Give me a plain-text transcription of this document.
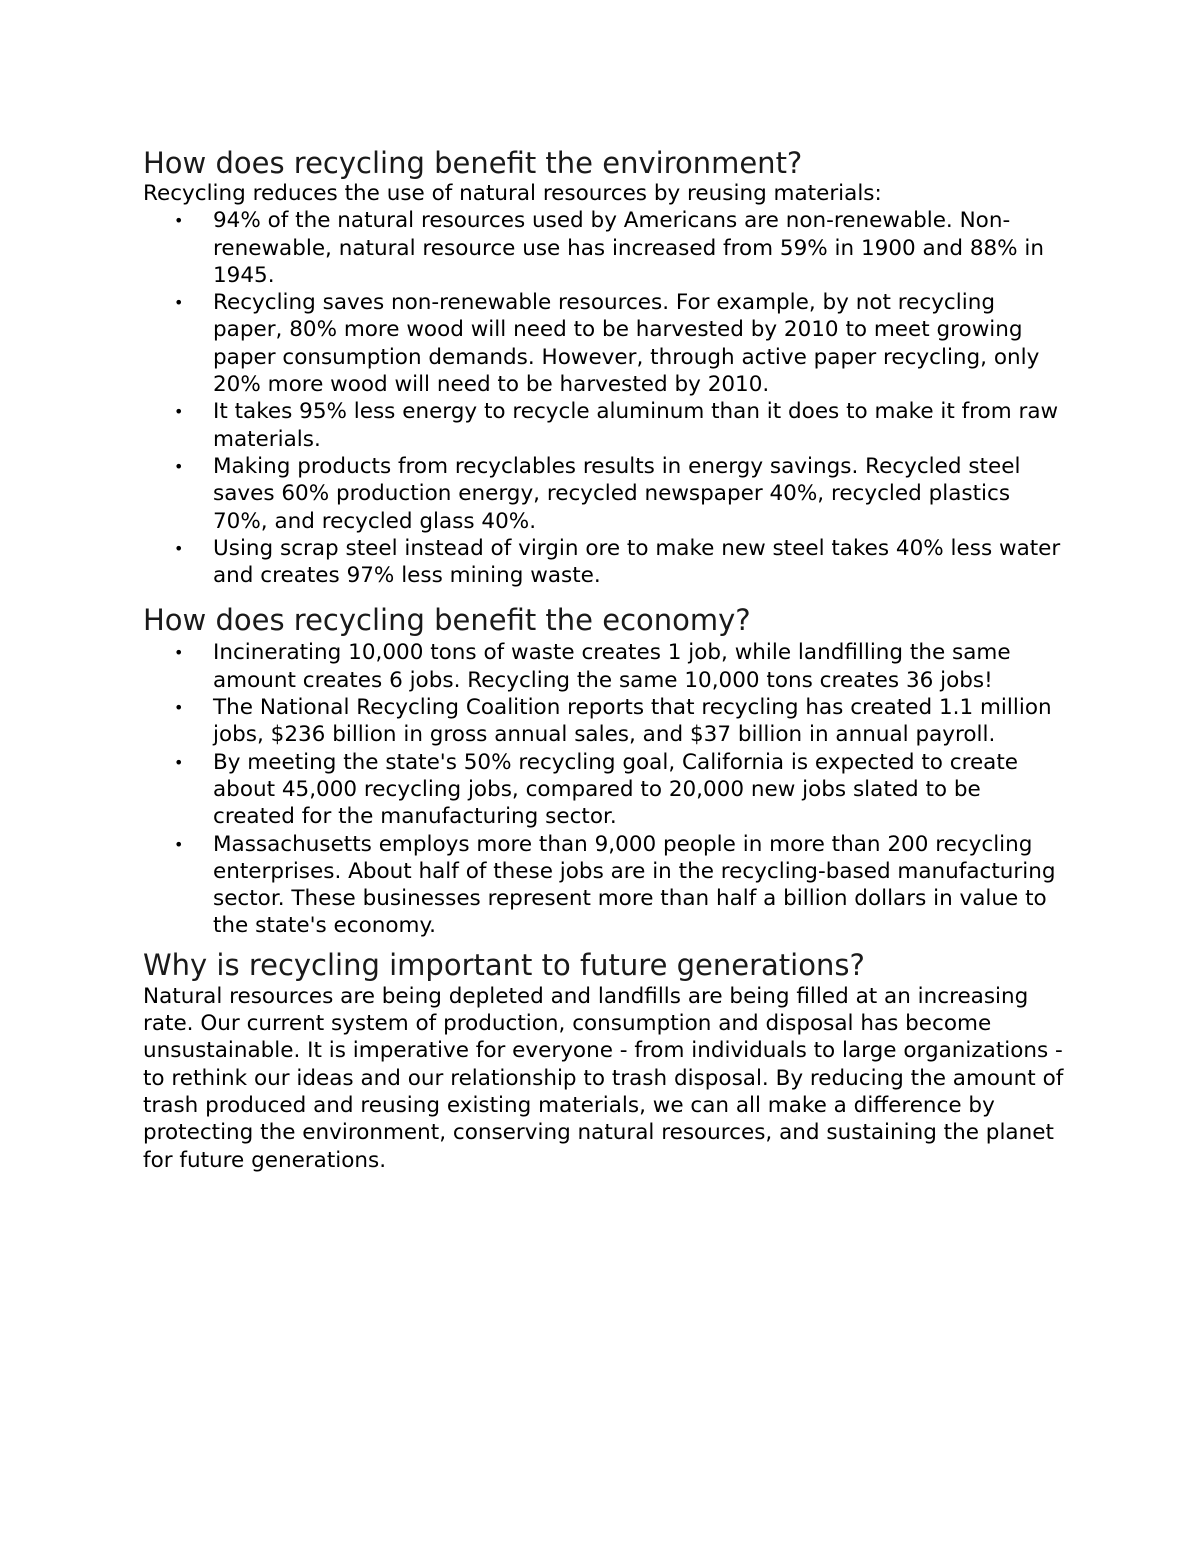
How does recycling benefit the environment?

Recycling reduces the use of natural resources by reusing materials:

• 94% of the natural resources used by Americans are non-renewable. Non-renewable, natural resource use has increased from 59% in 1900 and 88% in 1945.
• Recycling saves non-renewable resources. For example, by not recycling paper, 80% more wood will need to be harvested by 2010 to meet growing paper consumption demands. However, through active paper recycling, only 20% more wood will need to be harvested by 2010.
• It takes 95% less energy to recycle aluminum than it does to make it from raw materials.
• Making products from recyclables results in energy savings. Recycled steel saves 60% production energy, recycled newspaper 40%, recycled plastics 70%, and recycled glass 40%.
• Using scrap steel instead of virgin ore to make new steel takes 40% less water and creates 97% less mining waste.
How does recycling benefit the economy?
• Incinerating 10,000 tons of waste creates 1 job, while landfilling the same amount creates 6 jobs. Recycling the same 10,000 tons creates 36 jobs!
• The National Recycling Coalition reports that recycling has created 1.1 million jobs, $236 billion in gross annual sales, and $37 billion in annual payroll.
• By meeting the state's 50% recycling goal, California is expected to create about 45,000 recycling jobs, compared to 20,000 new jobs slated to be created for the manufacturing sector.
• Massachusetts employs more than 9,000 people in more than 200 recycling enterprises. About half of these jobs are in the recycling-based manufacturing sector. These businesses represent more than half a billion dollars in value to the state's economy.
Why is recycling important to future generations?

Natural resources are being depleted and landfills are being filled at an increasing rate. Our current system of production, consumption and disposal has become unsustainable. It is imperative for everyone - from individuals to large organizations - to rethink our ideas and our relationship to trash disposal. By reducing the amount of trash produced and reusing existing materials, we can all make a difference by protecting the environment, conserving natural resources, and sustaining the planet for future generations.
